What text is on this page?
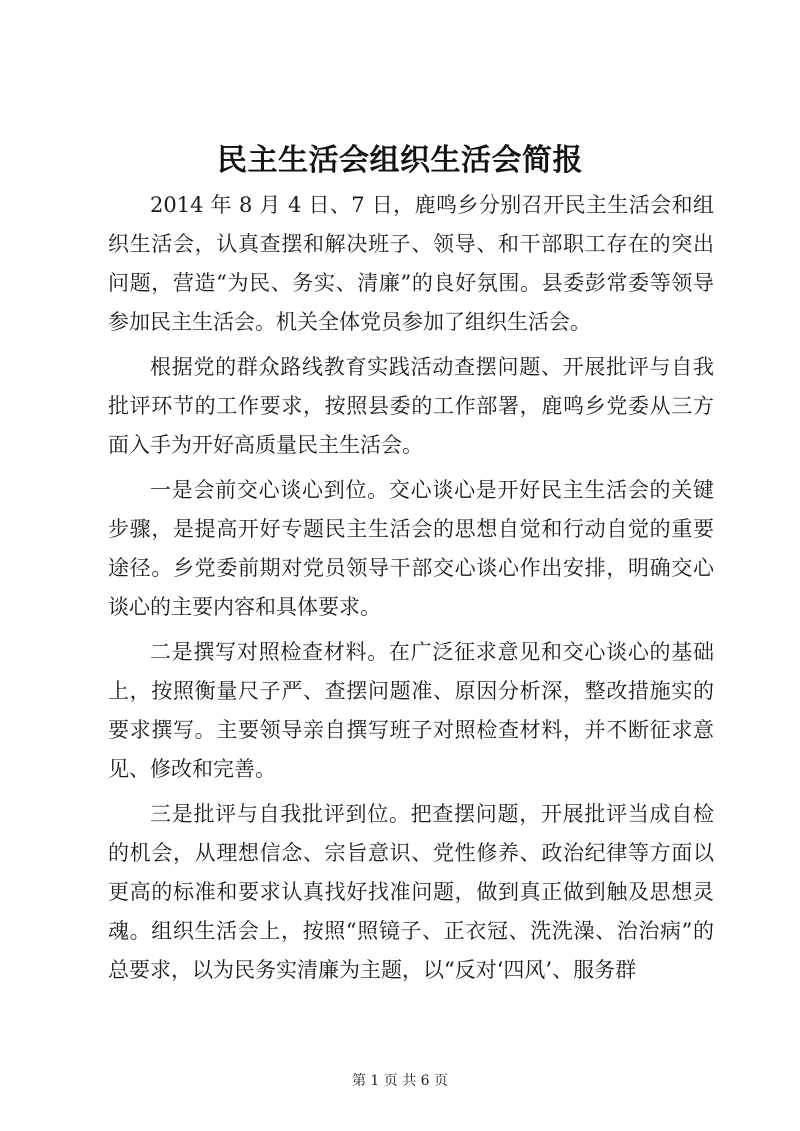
民主生活会组织生活会简报

2014 年 8 月 4 日、7 日，鹿鸣乡分别召开民主生活会和组织生活会，认真查摆和解决班子、领导、和干部职工存在的突出问题，营造“为民、务实、清廉”的良好氛围。县委彭常委等领导参加民主生活会。机关全体党员参加了组织生活会。

根据党的群众路线教育实践活动查摆问题、开展批评与自我批评环节的工作要求，按照县委的工作部署，鹿鸣乡党委从三方面入手为开好高质量民主生活会。

一是会前交心谈心到位。交心谈心是开好民主生活会的关键步骤，是提高开好专题民主生活会的思想自觉和行动自觉的重要途径。乡党委前期对党员领导干部交心谈心作出安排，明确交心谈心的主要内容和具体要求。

二是撰写对照检查材料。在广泛征求意见和交心谈心的基础上，按照衡量尺子严、查摆问题准、原因分析深，整改措施实的要求撰写。主要领导亲自撰写班子对照检查材料，并不断征求意见、修改和完善。

三是批评与自我批评到位。把查摆问题，开展批评当成自检的机会，从理想信念、宗旨意识、党性修养、政治纪律等方面以更高的标准和要求认真找好找准问题，做到真正做到触及思想灵魂。组织生活会上，按照“照镜子、正衣冠、洗洗澡、治治病”的总要求，以为民务实清廉为主题，以“反对‘四风’、服务群

第 1 页 共 6 页
